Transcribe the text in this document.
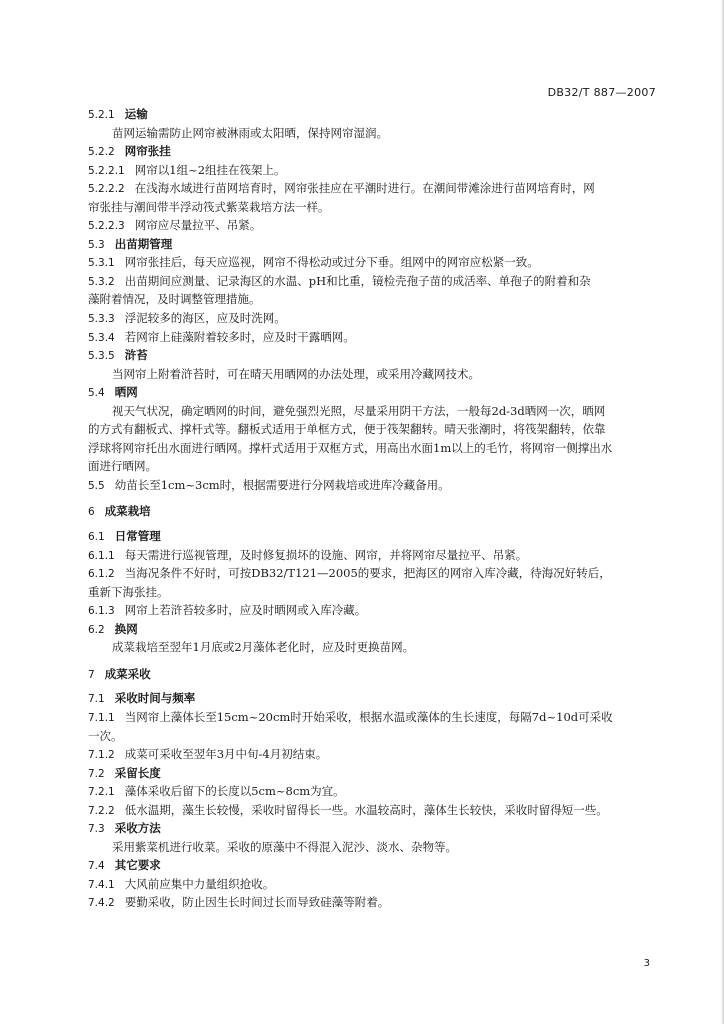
DB32/T 887—2007
5.2.1 运输
苗网运输需防止网帘被淋雨或太阳晒，保持网帘湿润。
5.2.2 网帘张挂
5.2.2.1 网帘以1组~2组挂在筏架上。
5.2.2.2 在浅海水域进行苗网培育时，网帘张挂应在平潮时进行。在潮间带滩涂进行苗网培育时，网
帘张挂与潮间带半浮动筏式紫菜栽培方法一样。
5.2.2.3 网帘应尽量拉平、吊紧。
5.3 出苗期管理
5.3.1 网帘张挂后，每天应巡视，网帘不得松动或过分下垂。组网中的网帘应松紧一致。
5.3.2 出苗期间应测量、记录海区的水温、pH和比重，镜检壳孢子苗的成活率、单孢子的附着和杂
藻附着情况，及时调整管理措施。
5.3.3 浮泥较多的海区，应及时洗网。
5.3.4 若网帘上硅藻附着较多时，应及时干露晒网。
5.3.5 浒苔
当网帘上附着浒苔时，可在晴天用晒网的办法处理，或采用冷藏网技术。
5.4 晒网
视天气状况，确定晒网的时间，避免强烈光照，尽量采用阴干方法，一般每2d-3d晒网一次，晒网
的方式有翻板式、撑杆式等。翻板式适用于单框方式，便于筏架翻转。晴天张潮时，将筏架翻转，依靠
浮球将网帘托出水面进行晒网。撑杆式适用于双框方式，用高出水面1m以上的毛竹，将网帘一侧撑出水
面进行晒网。
5.5 幼苗长至1cm~3cm时，根据需要进行分网栽培或进库冷藏备用。
6 成菜栽培
6.1 日常管理
6.1.1 每天需进行巡视管理，及时修复损坏的设施、网帘，并将网帘尽量拉平、吊紧。
6.1.2 当海况条件不好时，可按DB32/T121—2005的要求，把海区的网帘入库冷藏，待海况好转后，
重新下海张挂。
6.1.3 网帘上若浒苔较多时，应及时晒网或入库冷藏。
6.2 换网
成菜栽培至翌年1月底或2月藻体老化时，应及时更换苗网。
7 成菜采收
7.1 采收时间与频率
7.1.1 当网帘上藻体长至15cm~20cm时开始采收，根据水温或藻体的生长速度，每隔7d~10d可采收
一次。
7.1.2 成菜可采收至翌年3月中旬-4月初结束。
7.2 采留长度
7.2.1 藻体采收后留下的长度以5cm~8cm为宜。
7.2.2 低水温期，藻生长较慢，采收时留得长一些。水温较高时，藻体生长较快，采收时留得短一些。
7.3 采收方法
采用紫菜机进行收菜。采收的原藻中不得混入泥沙、淡水、杂物等。
7.4 其它要求
7.4.1 大风前应集中力量组织抢收。
7.4.2 要勤采收，防止因生长时间过长而导致硅藻等附着。
3
